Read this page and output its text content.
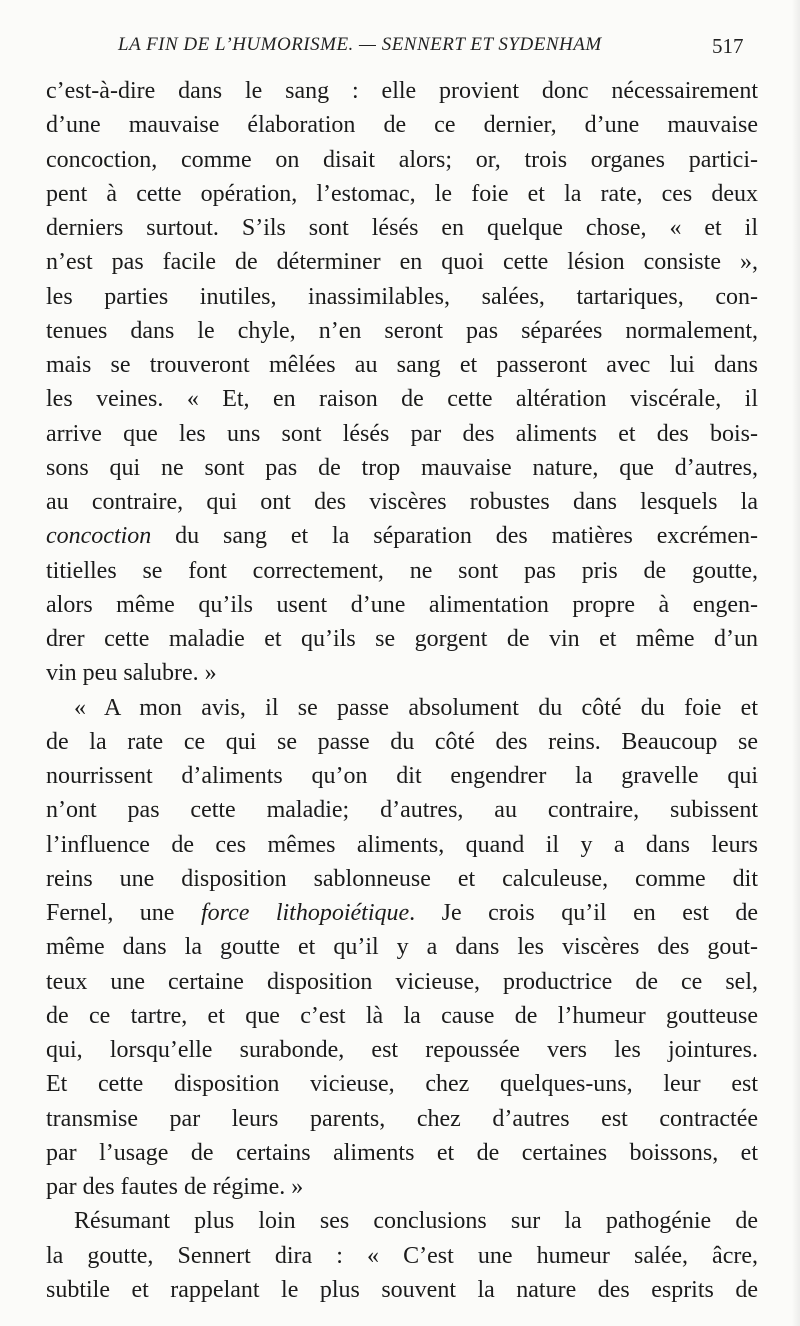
LA FIN DE L’HUMORISME. — SENNERT ET SYDENHAM	517
c’est-à-dire dans le sang : elle provient donc nécessairement
d’une mauvaise élaboration de ce dernier, d’une mauvaise
concoction, comme on disait alors; or, trois organes partici-
pent à cette opération, l’estomac, le foie et la rate, ces deux
derniers surtout. S’ils sont lésés en quelque chose, « et il
n’est pas facile de déterminer en quoi cette lésion consiste »,
les parties inutiles, inassimilables, salées, tartariques, con-
tenues dans le chyle, n’en seront pas séparées normalement,
mais se trouveront mêlées au sang et passeront avec lui dans
les veines. « Et, en raison de cette altération viscérale, il
arrive que les uns sont lésés par des aliments et des bois-
sons qui ne sont pas de trop mauvaise nature, que d’autres,
au contraire, qui ont des viscères robustes dans lesquels la
concoction du sang et la séparation des matières excrémen-
titielles se font correctement, ne sont pas pris de goutte,
alors même qu’ils usent d’une alimentation propre à engen-
drer cette maladie et qu’ils se gorgent de vin et même d’un
vin peu salubre. »
« A mon avis, il se passe absolument du côté du foie et
de la rate ce qui se passe du côté des reins. Beaucoup se
nourrissent d’aliments qu’on dit engendrer la gravelle qui
n’ont pas cette maladie; d’autres, au contraire, subissent
l’influence de ces mêmes aliments, quand il y a dans leurs
reins une disposition sablonneuse et calculeuse, comme dit
Fernel, une force lithopoiétique. Je crois qu’il en est de
même dans la goutte et qu’il y a dans les viscères des gout-
teux une certaine disposition vicieuse, productrice de ce sel,
de ce tartre, et que c’est là la cause de l’humeur goutteuse
qui, lorsqu’elle surabonde, est repoussée vers les jointures.
Et cette disposition vicieuse, chez quelques-uns, leur est
transmise par leurs parents, chez d’autres est contractée
par l’usage de certains aliments et de certaines boissons, et
par des fautes de régime. »
Résumant plus loin ses conclusions sur la pathogénie de
la goutte, Sennert dira : « C’est une humeur salée, âcre,
subtile et rappelant le plus souvent la nature des esprits de
